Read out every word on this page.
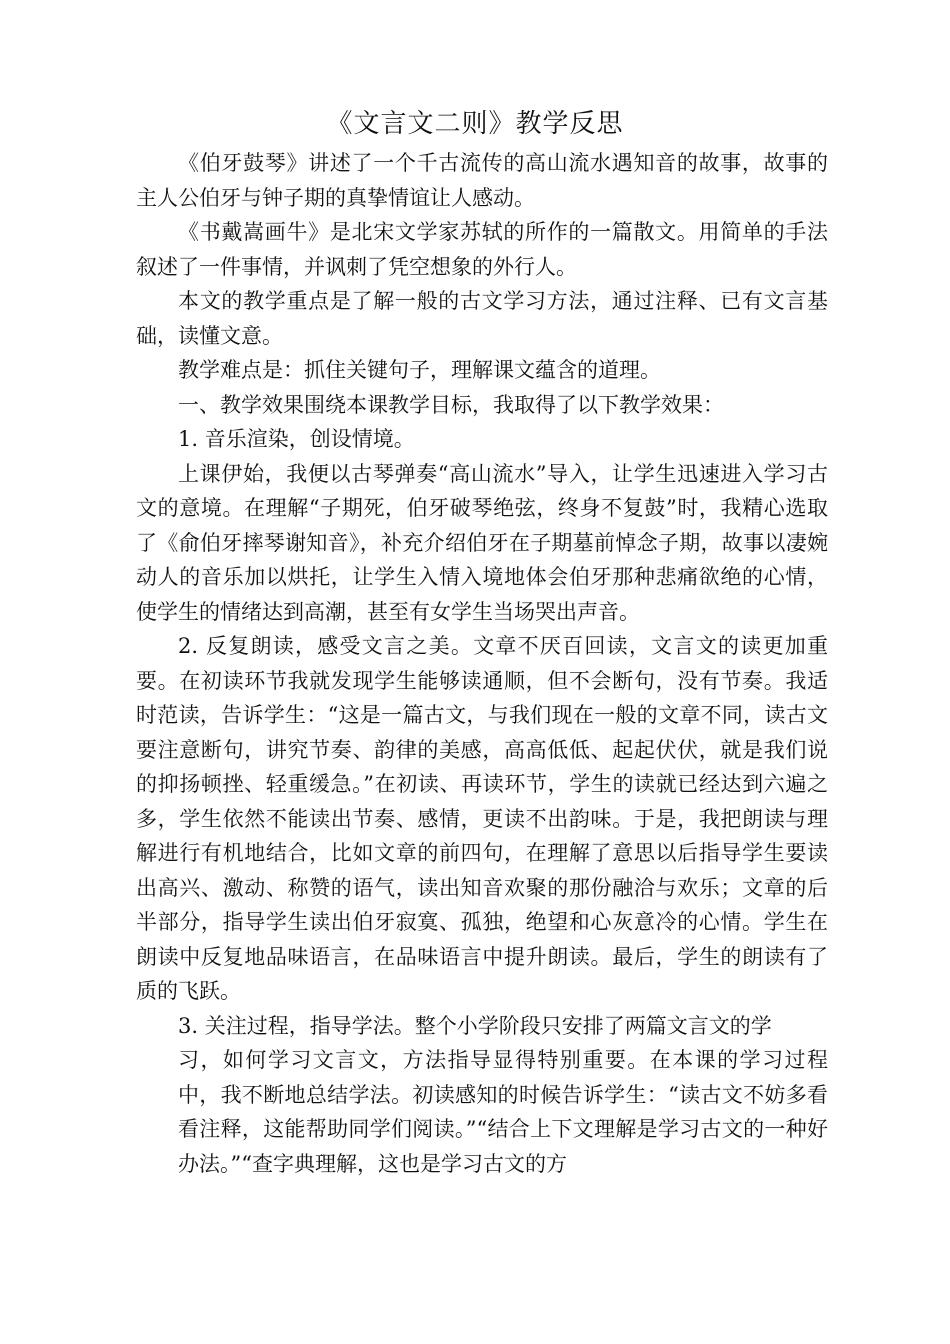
《文言文二则》教学反思

《伯牙鼓琴》讲述了一个千古流传的高山流水遇知音的故事，故事的主人公伯牙与钟子期的真挚情谊让人感动。

《书戴嵩画牛》是北宋文学家苏轼的所作的一篇散文。用简单的手法叙述了一件事情，并讽刺了凭空想象的外行人。

本文的教学重点是了解一般的古文学习方法，通过注释、已有文言基础，读懂文意。

教学难点是：抓住关键句子，理解课文蕴含的道理。

一、教学效果围绕本课教学目标，我取得了以下教学效果：

1. 音乐渲染，创设情境。

上课伊始，我便以古琴弹奏“高山流水”导入，让学生迅速进入学习古文的意境。在理解“子期死，伯牙破琴绝弦，终身不复鼓”时，我精心选取了《俞伯牙摔琴谢知音》，补充介绍伯牙在子期墓前悼念子期，故事以凄婉动人的音乐加以烘托，让学生入情入境地体会伯牙那种悲痛欲绝的心情，使学生的情绪达到高潮，甚至有女学生当场哭出声音。

2. 反复朗读，感受文言之美。文章不厌百回读，文言文的读更加重要。在初读环节我就发现学生能够读通顺，但不会断句，没有节奏。我适时范读，告诉学生：“这是一篇古文，与我们现在一般的文章不同，读古文要注意断句，讲究节奏、韵律的美感，高高低低、起起伏伏，就是我们说的抑扬顿挫、轻重缓急。”在初读、再读环节，学生的读就已经达到六遍之多，学生依然不能读出节奏、感情，更读不出韵味。于是，我把朗读与理解进行有机地结合，比如文章的前四句，在理解了意思以后指导学生要读出高兴、激动、称赞的语气，读出知音欢聚的那份融洽与欢乐；文章的后半部分，指导学生读出伯牙寂寞、孤独，绝望和心灰意冷的心情。学生在朗读中反复地品味语言，在品味语言中提升朗读。最后，学生的朗读有了质的飞跃。

3. 关注过程，指导学法。整个小学阶段只安排了两篇文言文的学

习，如何学习文言文，方法指导显得特别重要。在本课的学习过程中，我不断地总结学法。初读感知的时候告诉学生：“读古文不妨多看看注释，这能帮助同学们阅读。”“结合上下文理解是学习古文的一种好办法。”“查字典理解，这也是学习古文的方
